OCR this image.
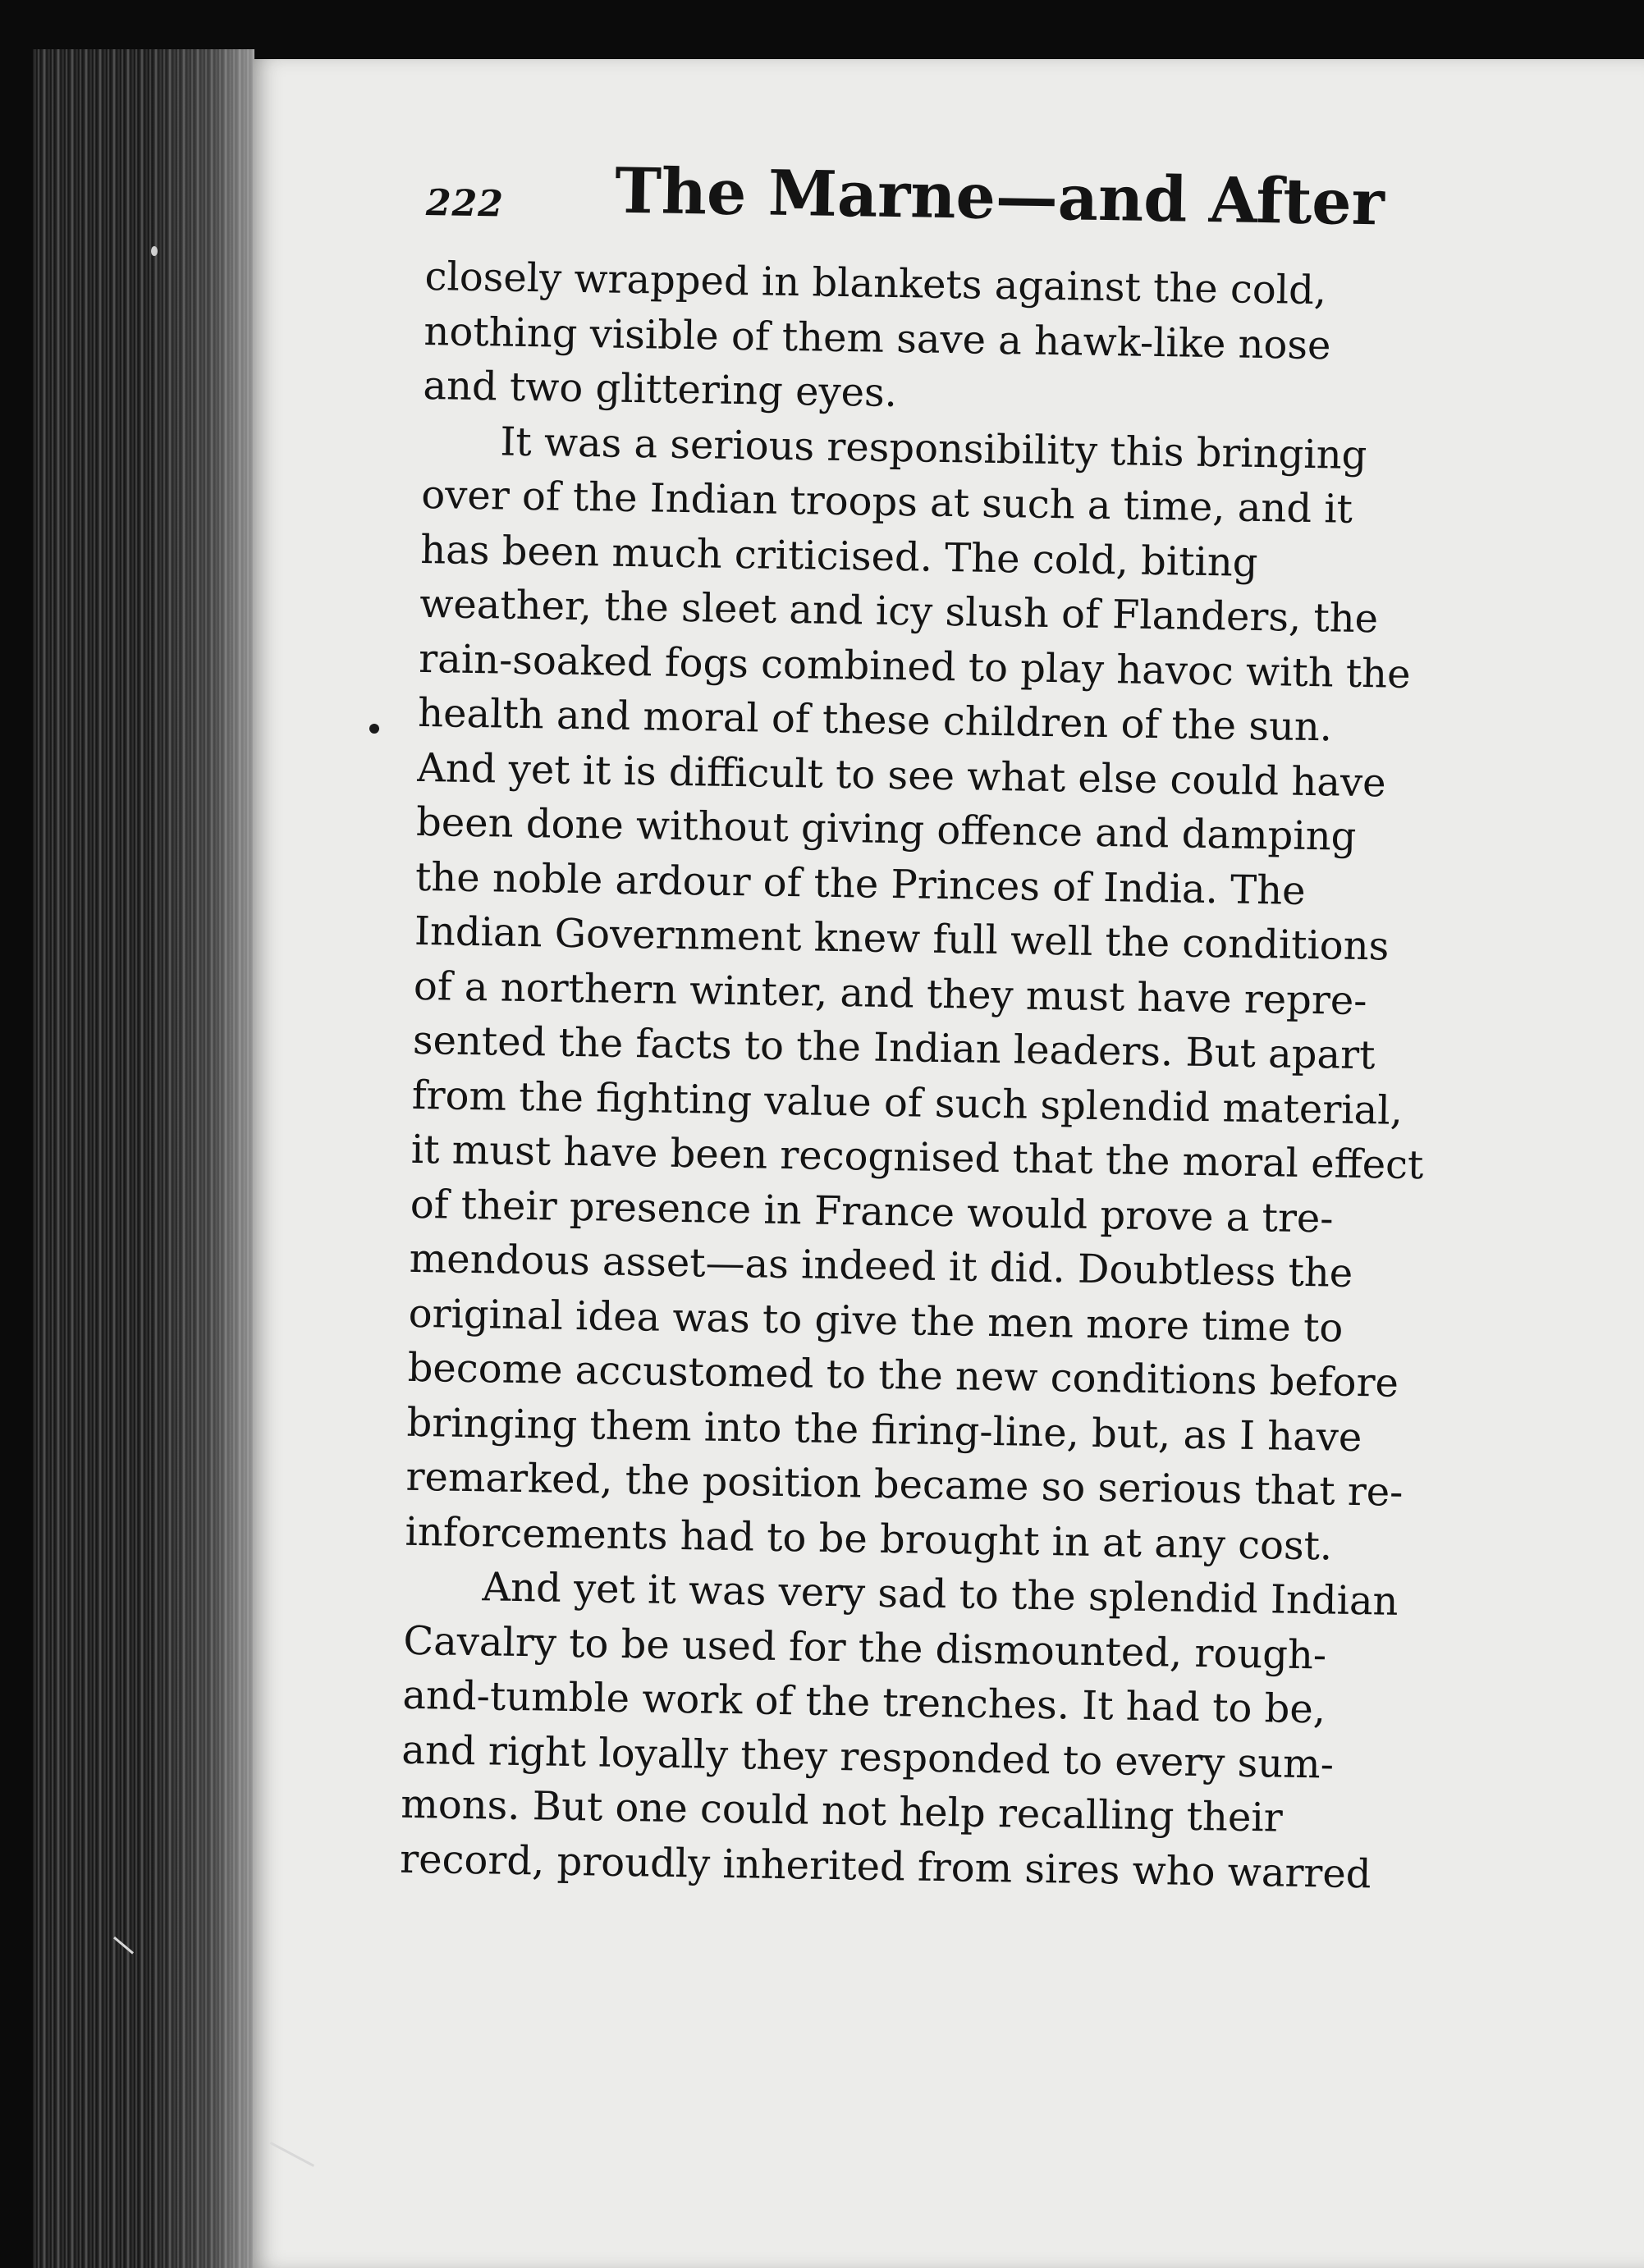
222 The Marne—and After
closely wrapped in blankets against the cold,
nothing visible of them save a hawk-like nose
and two glittering eyes.
It was a serious responsibility this bringing
over of the Indian troops at such a time, and it
has been much criticised. The cold, biting
weather, the sleet and icy slush of Flanders, the
rain-soaked fogs combined to play havoc with the
health and moral of these children of the sun.
And yet it is difficult to see what else could have
been done without giving offence and damping
the noble ardour of the Princes of India. The
Indian Government knew full well the conditions
of a northern winter, and they must have repre-
sented the facts to the Indian leaders. But apart
from the fighting value of such splendid material,
it must have been recognised that the moral effect
of their presence in France would prove a tre-
mendous asset—as indeed it did. Doubtless the
original idea was to give the men more time to
become accustomed to the new conditions before
bringing them into the firing-line, but, as I have
remarked, the position became so serious that re-
inforcements had to be brought in at any cost.
And yet it was very sad to the splendid Indian
Cavalry to be used for the dismounted, rough-
and-tumble work of the trenches. It had to be,
and right loyally they responded to every sum-
mons. But one could not help recalling their
record, proudly inherited from sires who warred
